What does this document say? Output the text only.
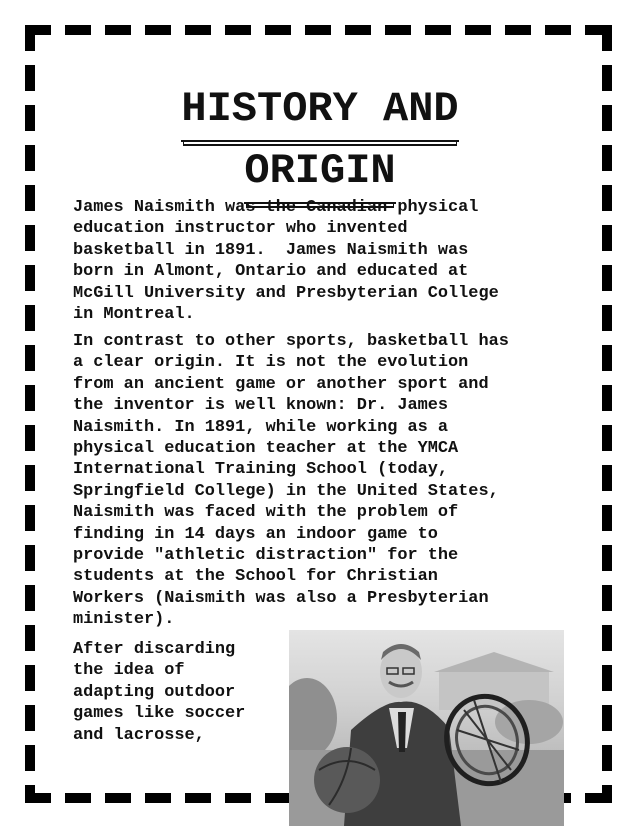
HISTORY AND
ORIGIN

James Naismith was the Canadian physical
education instructor who invented
basketball in 1891.  James Naismith was
born in Almont, Ontario and educated at
McGill University and Presbyterian College
in Montreal.

In contrast to other sports, basketball has
a clear origin. It is not the evolution
from an ancient game or another sport and
the inventor is well known: Dr. James
Naismith. In 1891, while working as a
physical education teacher at the YMCA
International Training School (today,
Springfield College) in the United States,
Naismith was faced with the problem of
finding in 14 days an indoor game to
provide "athletic distraction" for the
students at the School for Christian
Workers (Naismith was also a Presbyterian
minister).

After discarding
the idea of
adapting outdoor
games like soccer
and lacrosse,
